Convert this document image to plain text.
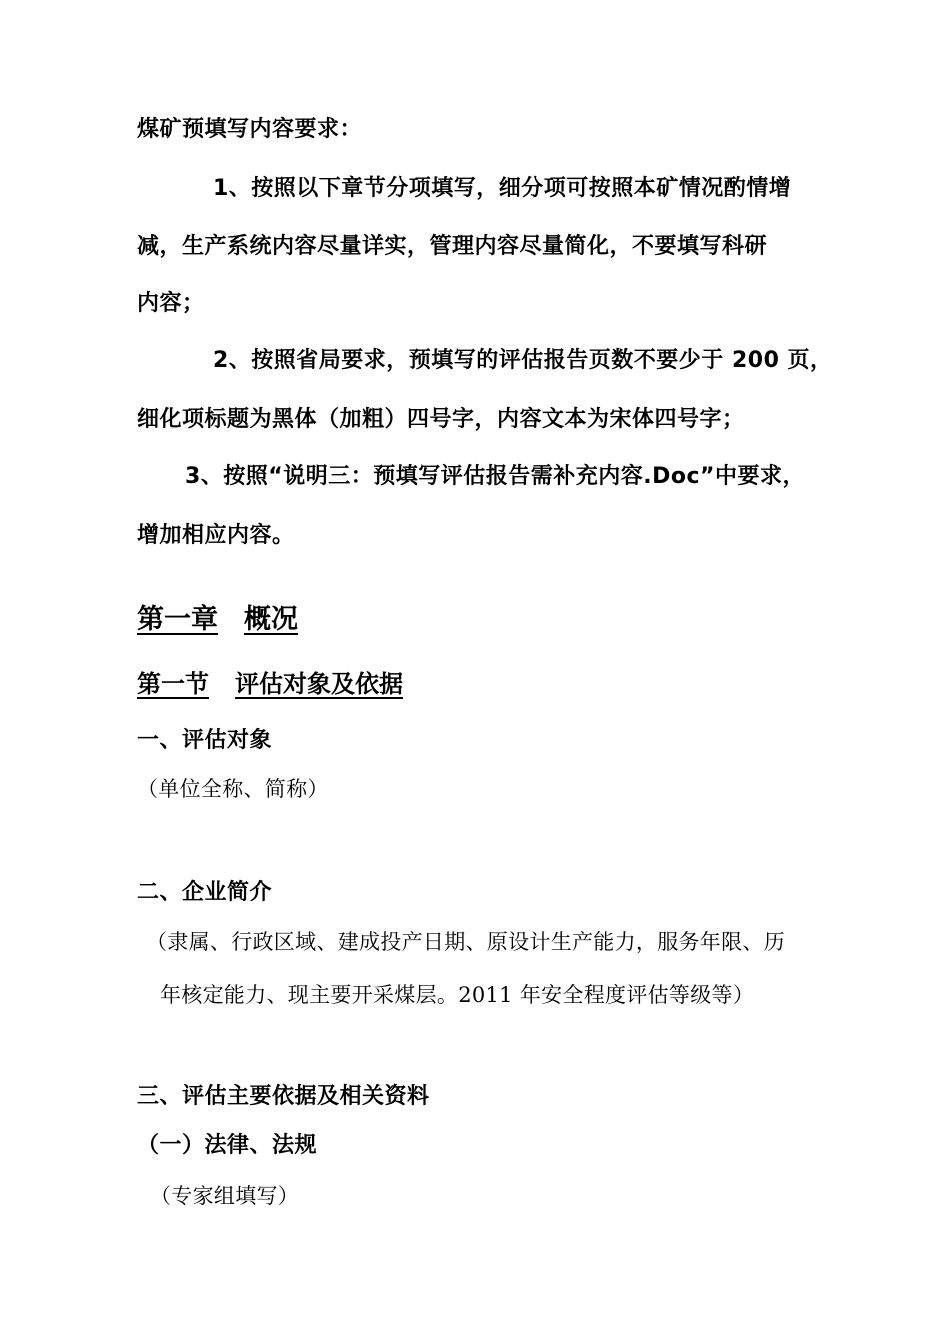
煤矿预填写内容要求：
1、按照以下章节分项填写，细分项可按照本矿情况酌情增
减，生产系统内容尽量详实，管理内容尽量简化，不要填写科研
内容；
2、按照省局要求，预填写的评估报告页数不要少于 200 页，
细化项标题为黑体（加粗）四号字，内容文本为宋体四号字；
3、按照“说明三：预填写评估报告需补充内容.Doc”中要求，
增加相应内容。
第一章 概况
第一节 评估对象及依据
一、评估对象
（单位全称、简称）
二、企业简介
（隶属、行政区域、建成投产日期、原设计生产能力，服务年限、历
年核定能力、现主要开采煤层。2011 年安全程度评估等级等）
三、评估主要依据及相关资料
（一）法律、法规
（专家组填写）
